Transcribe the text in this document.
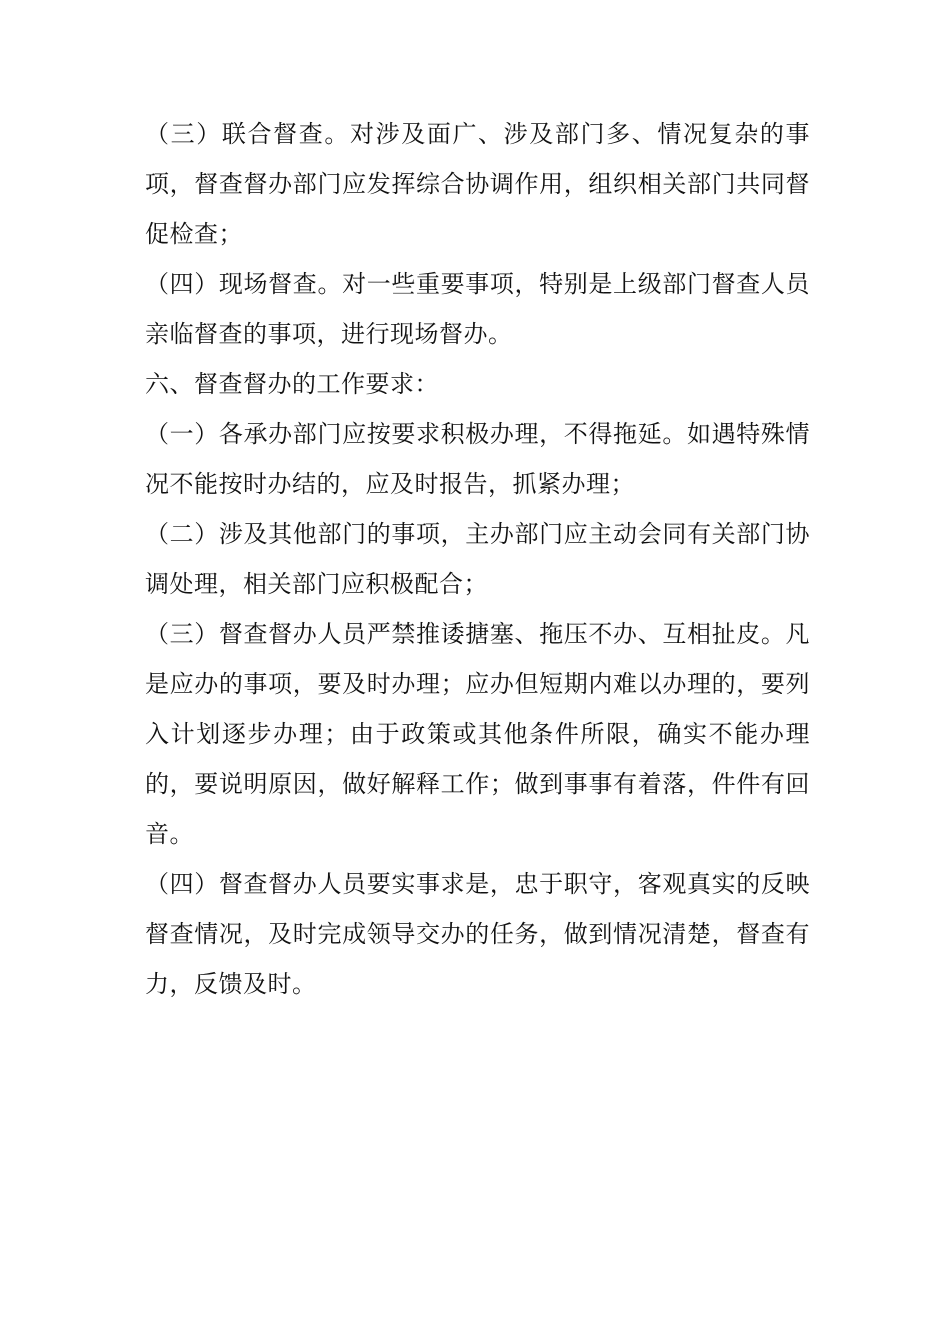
（三）联合督查。对涉及面广、涉及部门多、情况复杂的事项，督查督办部门应发挥综合协调作用，组织相关部门共同督促检查；

（四）现场督查。对一些重要事项，特别是上级部门督查人员亲临督查的事项，进行现场督办。

六、督查督办的工作要求：

（一）各承办部门应按要求积极办理，不得拖延。如遇特殊情况不能按时办结的，应及时报告，抓紧办理；

（二）涉及其他部门的事项，主办部门应主动会同有关部门协调处理，相关部门应积极配合；

（三）督查督办人员严禁推诿搪塞、拖压不办、互相扯皮。凡是应办的事项，要及时办理；应办但短期内难以办理的，要列入计划逐步办理；由于政策或其他条件所限，确实不能办理的，要说明原因，做好解释工作；做到事事有着落，件件有回音。

（四）督查督办人员要实事求是，忠于职守，客观真实的反映督查情况，及时完成领导交办的任务，做到情况清楚，督查有力，反馈及时。
